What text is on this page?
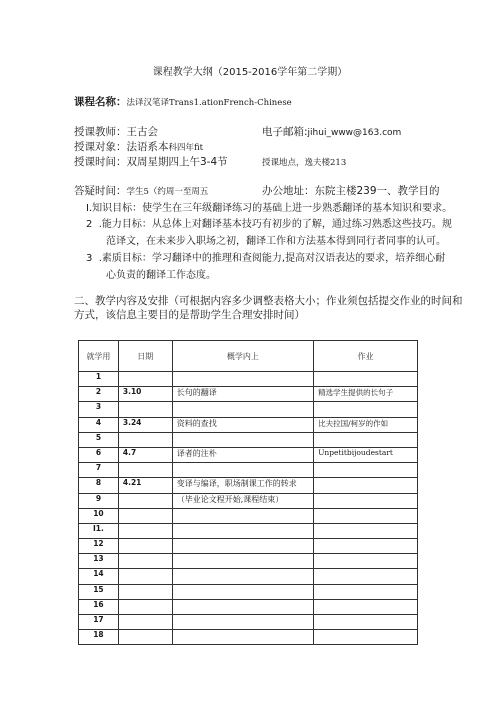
课程教学大纲（2015-2016学年第二学期）
课程名称：法译汉笔译Trans1.ationFrench-Chinese
授课教师：王古会	电子邮箱:jihui_www@163.com
授课对象：法语系本科四年fit
授课时间：双周星期四上午3-4节	授课地点，逸夫楼213
答疑时间：学生5（约周一至周五	办公地址：东院主楼239一、教学目的
I.知识目标：使学生在三年级翻译练习的基础上进一步熟悉翻译的基本知识和要求。
2 .能力目标：从总体上对翻译基本技巧有初步的了解，通过练习熟悉这些技巧。规
范译文，在未来步入职场之初，翻译工作和方法基本得到同行者同事的认可。
3 .素质目标：学习翻译中的推理和查阅能力,提高对汉语表达的要求，培养细心耐
心负责的翻译工作态度。
二、教学内容及安排（可根据内容多少调整表格大小；作业须包括提交作业的时间和
方式，该信息主要目的是帮助学生合理安排时间）
就学用	日期	概学内上	作业
1			
2	3.10	长句的翻译	精选学生提供的长句子
3			
4	3.24	资料的查找	比夫拉国/柯岁的作如
5			
6	4.7	译者的注朴	Unpetitbijoudestart
7			
8	4.21	变译与编译，职场制课工作的转求	
9		（毕业论文程开始,课程结束）	
10			
I1.			
12			
13			
14			
15			
16			
17			
18			
